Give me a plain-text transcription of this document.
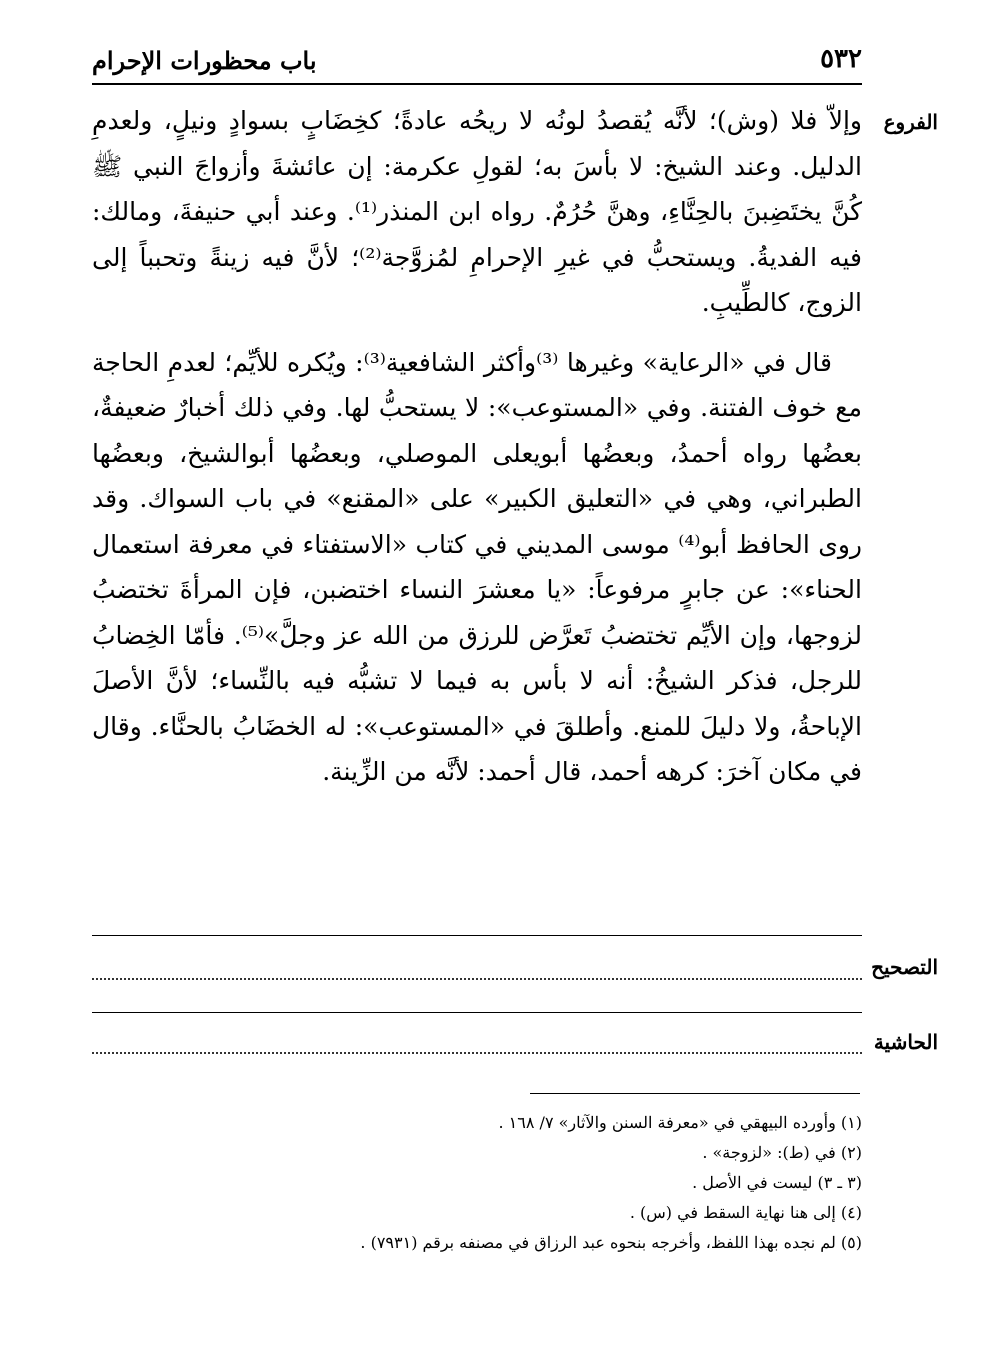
٥٣٢
باب محظورات الإحرام
الفروع

وإلاّ فلا (وش)؛ لأنَّه يُقصدُ لونُه لا ريحُه عادةً؛ كخِضَابٍ بسوادٍ ونيلٍ، ولعدمِ الدليل. وعند الشيخ: لا بأسَ به؛ لقولِ عكرمة: إن عائشةَ وأزواجَ النبي ﷺ كُنَّ يختَضِبنَ بالحِنَّاءِ، وهنَّ حُرُمٌ. رواه ابن المنذر⁽¹⁾. وعند أبي حنيفةَ، ومالك: فيه الفديةُ. ويستحبُّ في غيرِ الإحرامِ لمُزوَّجة⁽²⁾؛ لأنَّ فيه زينةً وتحبباً إلى الزوج، كالطِّيبِ.

قال في «الرعاية» وغيرها ⁽³⁾وأكثر الشافعية⁽³⁾: ويُكره للأيِّم؛ لعدمِ الحاجة مع خوف الفتنة. وفي «المستوعب»: لا يستحبُّ لها. وفي ذلك أخبارٌ ضعيفةٌ، بعضُها رواه أحمدُ، وبعضُها أبويعلى الموصلي، وبعضُها أبوالشيخ، وبعضُها الطبراني، وهي في «التعليق الكبير» على «المقنع» في باب السواك. وقد روى الحافظ أبو⁽⁴⁾ موسى المديني في كتاب «الاستفتاء في معرفة استعمال الحناء»: عن جابرٍ مرفوعاً: «يا معشرَ النساء اختضبن، فإن المرأةَ تختضبُ لزوجها، وإن الأيِّم تختضبُ تَعرَّض للرزق من الله عز وجلَّ»⁽⁵⁾. فأمّا الخِضابُ للرجل، فذكر الشيخُ: أنه لا بأس به فيما لا تشبُّه فيه بالنِّساء؛ لأنَّ الأصلَ الإباحةُ، ولا دليلَ للمنع. وأطلقَ في «المستوعب»: له الخضَابُ بالحنَّاء. وقال في مكان آخرَ: كرهه أحمد، قال أحمد: لأنَّه من الزِّينة.

التصحيح
الحاشية
(١) وأورده البيهقي في «معرفة السنن والآثار» ٧/ ١٦٨ .
(٢) في (ط): «لزوجة» .
(٣ ـ ٣) ليست في الأصل .
(٤) إلى هنا نهاية السقط في (س) .
(٥) لم نجده بهذا اللفظ، وأخرجه بنحوه عبد الرزاق في مصنفه برقم (٧٩٣١) .
